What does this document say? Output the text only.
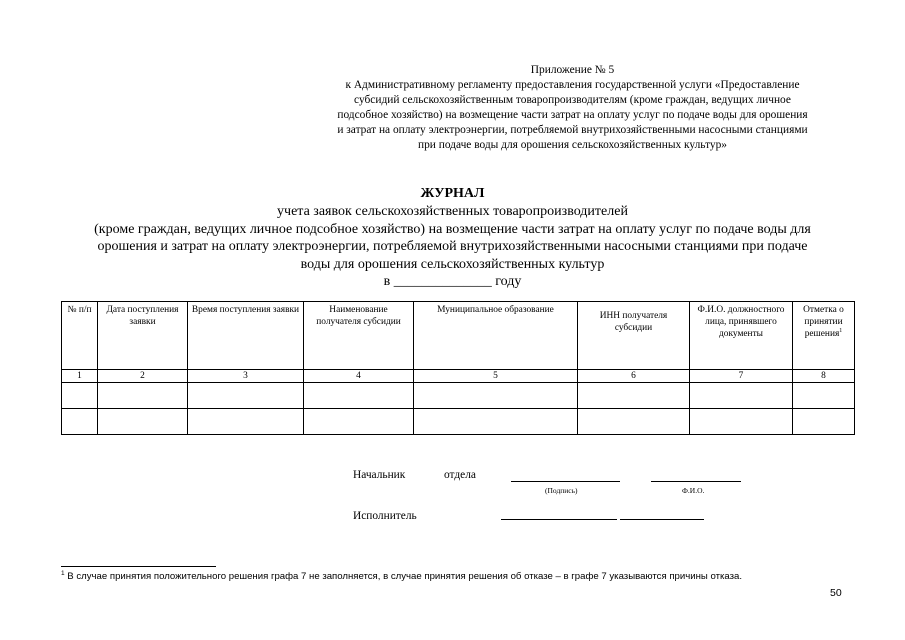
Приложение № 5
к Административному регламенту предоставления государственной услуги «Предоставление
субсидий сельскохозяйственным товаропроизводителям (кроме граждан, ведущих личное
подсобное хозяйство) на возмещение части затрат на оплату услуг по подаче воды для орошения
и затрат на оплату электроэнергии, потребляемой внутрихозяйственными насосными станциями
при подаче воды для орошения сельскохозяйственных культур»
ЖУРНАЛ
учета заявок сельскохозяйственных товаропроизводителей
(кроме граждан, ведущих личное подсобное хозяйство) на возмещение части затрат на оплату услуг по подаче воды для
орошения и затрат на оплату электроэнергии, потребляемой внутрихозяйственными насосными станциями при подаче
воды для орошения сельскохозяйственных культур
в ______________ году
№ п/п	Дата поступления заявки	Время поступления заявки	Наименование получателя субсидии	Муниципальное образование	ИНН получателя субсидии	Ф.И.О. должностного лица, принявшего документы	Отметка о принятии решения$^1$
1	2	3	4	5	6	7	8

Начальник	отдела
(Подпись)	Ф.И.О.
Исполнитель
$^1$ В случае принятия положительного решения графа 7 не заполняется, в случае принятия решения об отказе – в графе 7 указываются причины отказа.
50
